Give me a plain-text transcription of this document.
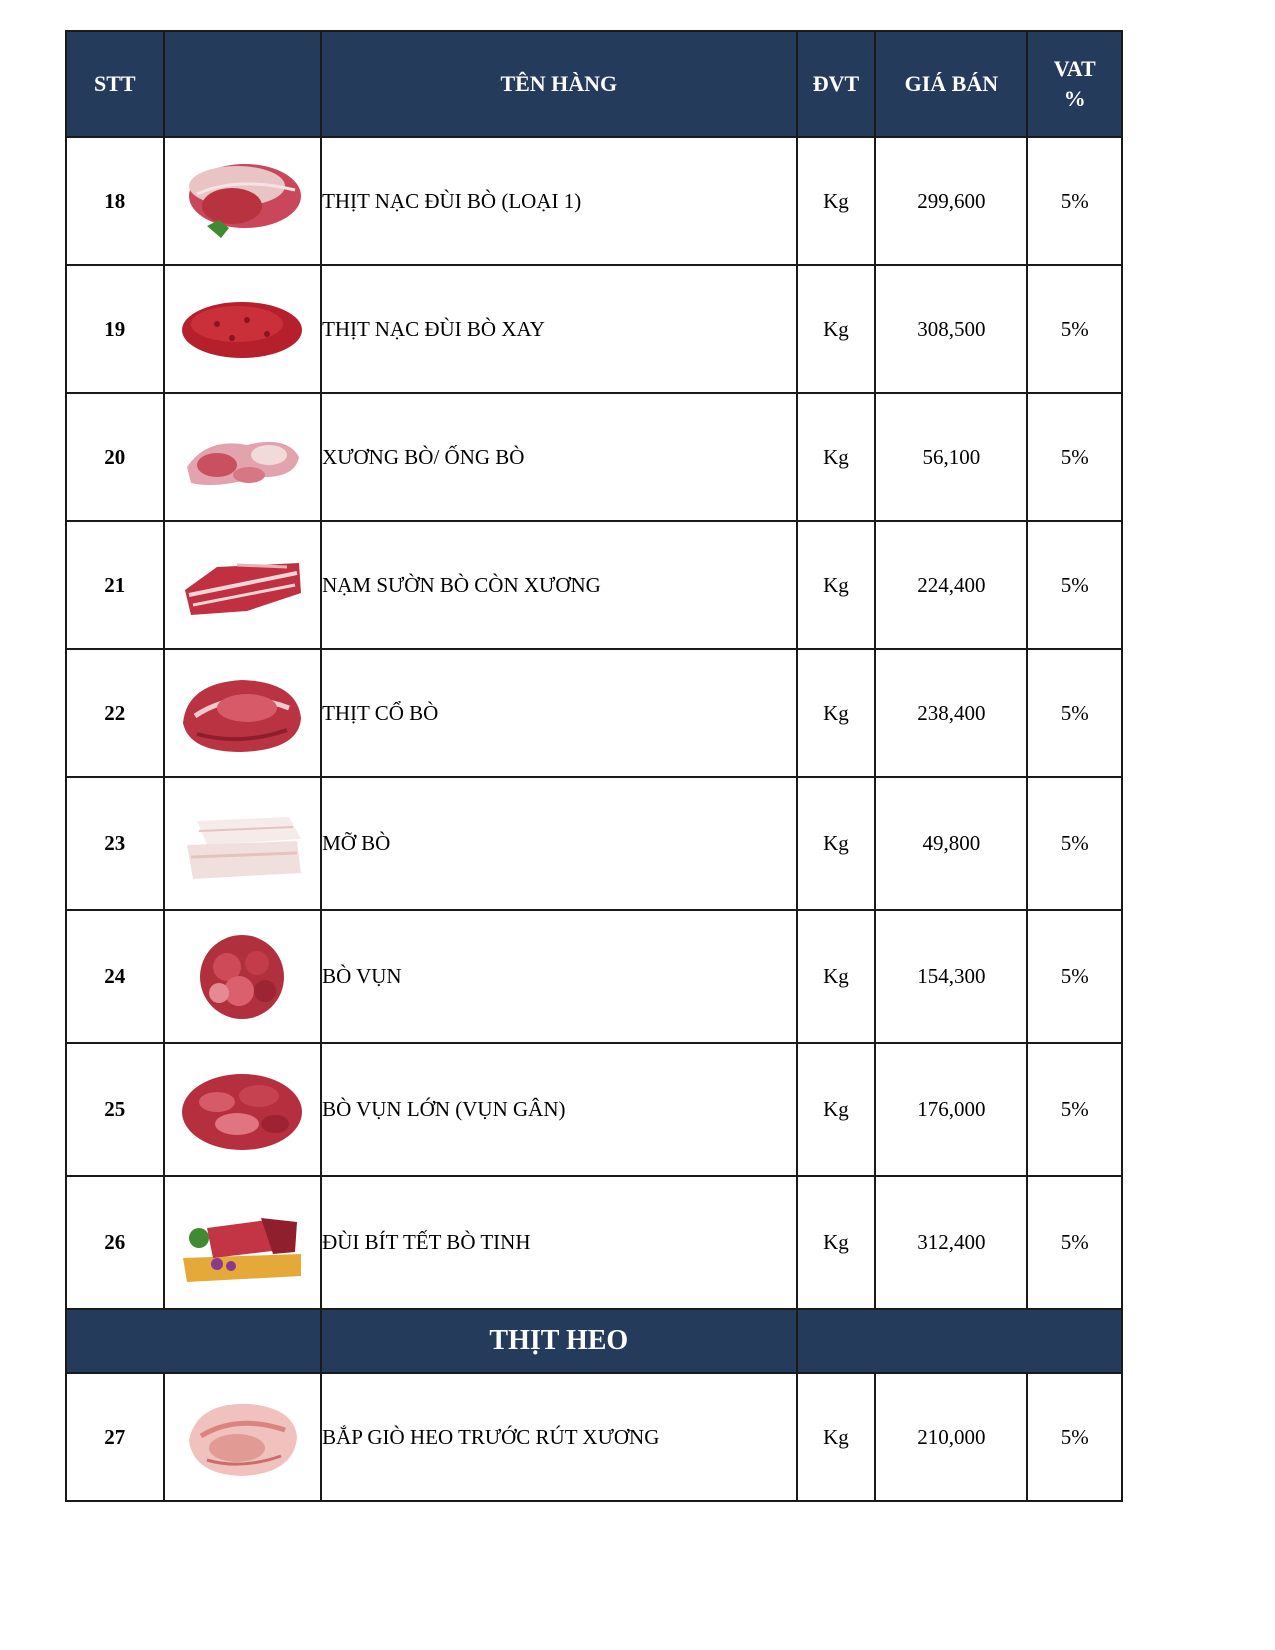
STT		TÊN HÀNG	ĐVT	GIÁ BÁN	VAT
%
18		THỊT NẠC ĐÙI BÒ (LOẠI 1)	Kg	299,600	5%
19		THỊT NẠC ĐÙI BÒ XAY	Kg	308,500	5%
20		XƯƠNG BÒ/ ỐNG BÒ	Kg	56,100	5%
21		NẠM SƯỜN BÒ CÒN XƯƠNG	Kg	224,400	5%
22		THỊT CỔ BÒ	Kg	238,400	5%
23		MỠ BÒ	Kg	49,800	5%
24		BÒ VỤN	Kg	154,300	5%
25		BÒ VỤN LỚN (VỤN GÂN)	Kg	176,000	5%
26		ĐÙI BÍT TẾT BÒ TINH	Kg	312,400	5%
		THỊT HEO			
27		BẮP GIÒ HEO TRƯỚC RÚT XƯƠNG	Kg	210,000	5%
